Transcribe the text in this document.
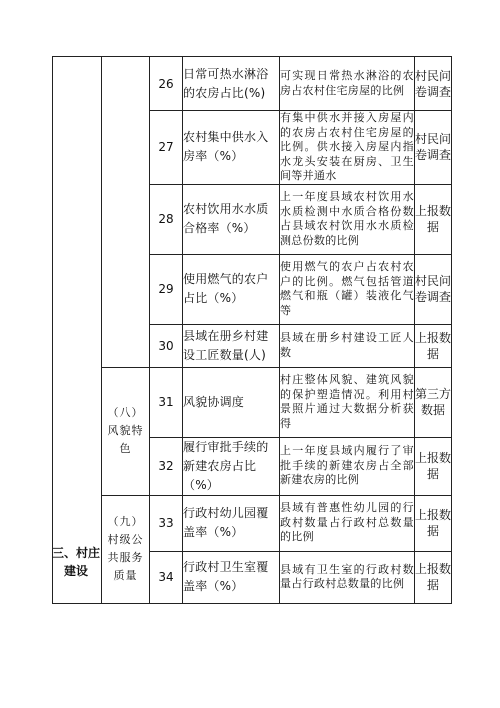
		26	日常可热水淋浴的农房占比(%)	可实现日常热水淋浴的农房占农村住宅房屋的比例	村民问卷调查
		27	农村集中供水入房率（%）	有集中供水并接入房屋内的农房占农村住宅房屋的比例。供水接入房屋内指水龙头安装在厨房、卫生间等并通水	村民问卷调查
		28	农村饮用水水质合格率（%）	上一年度县域农村饮用水水质检测中水质合格份数占县域农村饮用水水质检测总份数的比例	上报数据
		29	使用燃气的农户占比（%）	使用燃气的农户占农村农户的比例。燃气包括管道燃气和瓶（罐）装液化气等	村民问卷调查
		30	县域在册乡村建设工匠数量(人)	县域在册乡村建设工匠人数	上报数据

	（八）风貌特色	31	风貌协调度	村庄整体风貌、建筑风貌的保护塑造情况。利用村景照片通过大数据分析获得	第三方数据
		32	履行审批手续的新建农房占比（%）	上一年度县域内履行了审批手续的新建农房占全部新建农房的比例	上报数据

	（九）村级公共服务质量	33	行政村幼儿园覆盖率（%）	县域有普惠性幼儿园的行政村数量占行政村总数量的比例	上报数据
		34	行政村卫生室覆盖率（%）	县域有卫生室的行政村数量占行政村总数量的比例	上报数据
三、村庄建设
